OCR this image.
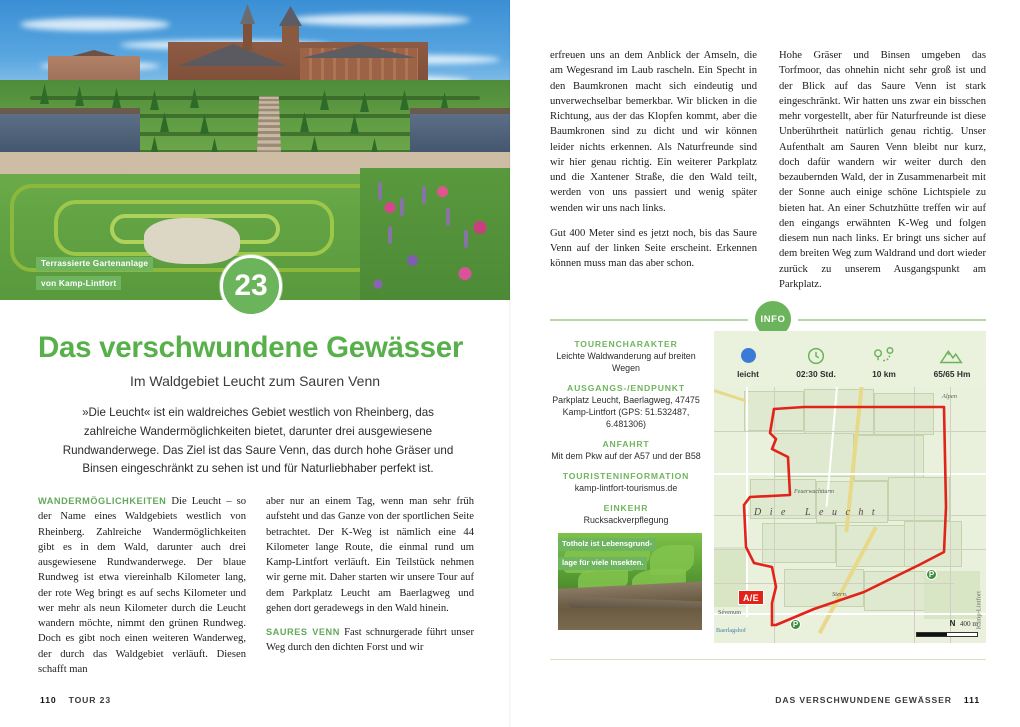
Terrassierte Gartenanlage
von Kamp-Lintfort	23
Das verschwundene Gewässer
Im Waldgebiet Leucht zum Sauren Venn
»Die Leucht« ist ein waldreiches Gebiet westlich von Rheinberg, das zahlreiche Wandermöglichkeiten bietet, darunter drei ausgewiesene Rundwanderwege. Das Ziel ist das Saure Venn, das durch hohe Gräser und Binsen eingeschränkt zu sehen ist und für Naturliebhaber perfekt ist.

WANDERMÖGLICHKEITEN Die Leucht – so der Name eines Waldgebiets westlich von Rheinberg. Zahlreiche Wandermöglichkeiten gibt es in dem Wald, darunter auch drei ausgewiesene Rundwanderwege. Der blaue Rundweg ist etwa viereinhalb Kilometer lang, der rote Weg bringt es auf sechs Kilometer und wer mehr als neun Kilometer durch die Leucht wandern möchte, nimmt den grünen Rundweg. Doch es gibt noch einen weiteren Wanderweg, der durch das Waldgebiet verläuft. Diesen schafft man

aber nur an einem Tag, wenn man sehr früh aufsteht und das Ganze von der sportlichen Seite betrachtet. Der K-Weg ist nämlich eine 44 Kilometer lange Route, die einmal rund um Kamp-Lintfort verläuft. Ein Teilstück nehmen wir gerne mit. Daher starten wir unsere Tour auf dem Parkplatz Leucht am Baerlagweg und gehen dort geradewegs in den Wald hinein.

SAURES VENN Fast schnurgerade führt unser Weg durch den dichten Forst und wir

110 TOUR 23

erfreuen uns an dem Anblick der Amseln, die am Wegesrand im Laub rascheln. Ein Specht in den Baumkronen macht sich eindeutig und unverwechselbar bemerkbar. Wir blicken in die Richtung, aus der das Klopfen kommt, aber die Baumkronen sind zu dicht und wir können leider nichts erkennen. Als Naturfreunde sind wir hier genau richtig. Ein weiterer Parkplatz und die Xantener Straße, die den Wald teilt, werden von uns passiert und wenig später wenden wir uns nach links.

Gut 400 Meter sind es jetzt noch, bis das Saure Venn auf der linken Seite erscheint. Erkennen können muss man das aber schon.

Hohe Gräser und Binsen umgeben das Torfmoor, das ohnehin nicht sehr groß ist und der Blick auf das Saure Venn ist stark eingeschränkt. Wir hatten uns zwar ein bisschen mehr vorgestellt, aber für Naturfreunde ist diese Unberührtheit natürlich genau richtig. Unser Aufenthalt am Sauren Venn bleibt nur kurz, doch dafür wandern wir weiter durch den bezaubernden Wald, der in Zusammenarbeit mit der Sonne auch einige schöne Lichtspiele zu bieten hat. An einer Schutzhütte treffen wir auf den eingangs erwähnten K-Weg und folgen diesem nun nach links. Er bringt uns sicher auf dem breiten Weg zum Waldrand und dort wieder zurück zu unserem Ausgangspunkt am Parkplatz.

INFO
TOURENCHARAKTER
Leichte Waldwanderung auf breiten Wegen
AUSGANGS-/ENDPUNKT
Parkplatz Leucht, Baerlagweg, 47475 Kamp-Lintfort (GPS: 51.532487, 6.481306)
ANFAHRT
Mit dem Pkw auf der A57 und der B58
TOURISTENINFORMATION
kamp-lintfort-tourismus.de
EINKEHR
Rucksackverpflegung
Totholz ist Lebensgrund-
lage für viele Insekten.
leicht	02:30 Std.	10 km	65/65 Hm
Die Leucht
Feuerwachtturm
Alpen
Stern.
Sévenum
Baerlagshof
Kamp-Lintfort
A/E
P
P
N 400 m
DAS VERSCHWUNDENE GEWÄSSER 111
